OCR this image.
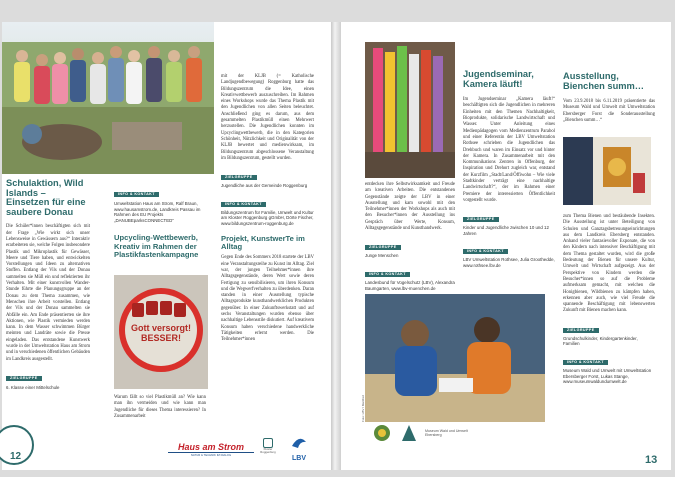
Schulaktion, Wild Islands – Einsetzen für eine saubere Donau
Die Schüler*innen beschäftigten sich mit der Frage „Wie wirkt sich unser Lebensweise in Gewässern aus?“ Interaktiv erarbeiteten sie, welche Folgen insbesondere Plastik und Mikroplastik für Gewässer, Meere und Tiere haben, und entwickelten Vorstellungen und Ideen zu alternativen Stoffen. Entlang der Vils und der Donau sammelten sie Müll ein und reflektierten ihr Verhalten. Mit einer kunstvollen Wander-Stunde führte die Planungsgruppe an der Donau zu dem Thema zusammen, wie Menschen ihre Arbeit vorstellen. Entlang der Vils und der Donau sammelten sie Abfälle ein. Am Ende präsentierten sie ihre Aktionen, wie Plastik vermieden werden kann. In dem Wasser schwimmen Bürger meinten und Landräte sowie die Presse eingeladen. Das entstandene Kunstwerk wurde in der Umweltstation Haus am Strom und in verschiedenen öffentlichen Gebäuden im Landkreis ausgestellt.
ZIELGRUPPE
6. Klasse einer Mittelschule
INFO & KONTAKT
Umweltstation Haus am Strom, Ralf Braun, www.hausamstrom.de, Landkreis Passau im Rahmen des EU Projekts „DANUBEparksCONNECTED“
Upcycling-Wettbewerb, Kreativ im Rahmen der Plastikfastenkampagne
Gott versorgt! BESSER!
Warum fällt so viel Plastikmüll an? Wie kann man ihn vermeiden und wie kann man Jugendliche für dieses Thema interessieren? In Zusammenarbeit
mit der KLJB (= Katholische Landjugendbewegung) Roggenburg hatte das Bildungszentrum die Idee, einen Kreativwettbewerb auszuschreiben. Im Rahmen eines Workshops wurde das Thema Plastik mit den Jugendlichen von allen Seiten beleuchtet. Anschließend ging es darum, aus dem gesammelten Plastikmüll einen Mehrwert herzustellen. Die Jugendlichen konnten im Upcyclingwettbewerb, die in den Kategorien Schönheit, Nützlichkeit und Originalität von der KLJB bewertet und medienwirksam, im Bildungszentrum abgeschlossene Veranstaltung im Bildungszentrum, gestellt wurden.
ZIELGRUPPE
Jugendliche aus der Gemeinde Roggenburg
INFO & KONTAKT
Bildungszentrum für Familie, Umwelt und Kultur am Kloster Roggenburg gGmbH, Dörte Fischer, www.bildungszentrum-roggenburg.de
Projekt, KunstwerTe im Alltag
Gegen Ende des Sommers 2018 startete der LBV eine Veranstaltungsreihe zu Kunst im Alltag. Ziel war, der jungen Teilnehmer*innen ihre Alltagsgegenstände, deren Wert sowie deren Fertigung zu sensibilisieren, um ihren Konsum und die Wegwerfverhalten zu überdenken. Daran standen in einer Ausstellung typische Alltagsprodukte kunsthandwerklichen Produkten gegenüber. In einer Zukunftswerkstatt und auf sechs Veranstaltungen wurden ebenso über nachhaltige Lebensstile diskutiert. Auf kreativem Konsum haben verschiedene handwerkliche Tätigkeiten erlernt werden. Die Teilnehmer*innen
Haus am Strom
NATUR & TECHNIK IM DIALOG
Kloster Roggenburg
LBV
12
entdecken ihre Selbstwirksamkeit und Freude am kreativen Arbeiten. Die entstandenen Gegenstände zeigte der LBV in einer Ausstellung und kam sowohl mit den Teilnehmer*innen der Workshops als auch mit den Besucher*innen der Ausstellung ins Gespräch über Werte, Konsum, Alltagsgegenstände und Kunsthandwerk.
ZIELGRUPPE
Junge Menschen
INFO & KONTAKT
Landesbund für Vogelschutz (LBV), Alexandra Baumgarten, www.lbv-muenchen.de
Jugendseminar, Kamera läuft!
Im Jugendseminar „Kamera läuft!“ beschäftigten sich die Jugendlichen in mehreren Einheiten mit den Themen Nachhaltigkeit, Bioprodukte, solidarische Landwirtschaft und Wasser. Unter Anleitung eines Medienpädagogen vom Medienzentrum Parabol und einer Referentin der LBV Umweltstation Rothsee schrieben die Jugendlichen das Drehbuch und waren im Einsatz vor und hinter der Kamera. In Zusammenarbeit mit den Kommunikations Zentren in Offenburg, der Inspiration und Drehort zugleich war, entstand der Kurzfilm „Stadt/Land/Öffiwohn – Wie viele Stadtkinder verträgt eine nachhaltige Landwirtschaft?“, der im Rahmen einer Premiere der interessierten Öffentlichkeit vorgestellt wurde.
ZIELGRUPPE
Kinder und Jugendliche zwischen 10 und 12 Jahren
INFO & KONTAKT
LBV Umweltstation Rothsee, Julia Groothedde, www.rothsee.lbv.de
Foto: LBV / Manfred
Ausstellung, Bienchen summ…
Vom 23.9.2018 bis 6.11.2019 präsentierte das Museum Wald und Umwelt mit Umweltstation Ebersberger Forst die Sonderausstellung „Bienchen summ…“
zum Thema Bienen und bestäubende Insekten. Die Ausstellung ist unter Beteiligung von Schulen und Ganztagsbetreuungseinrichtungen aus dem Landkreis Ebersberg entstanden. Anhand vieler fantasievoller Exponate, die von den Kindern nach intensiver Beschäftigung mit dem Thema gestaltet wurden, wird die große Bedeutung der Bienen für unsere Kultur, Umwelt und Wirtschaft aufgezeigt. Aus der Perspektive von Kindern werden die Besucher*innen so auf die Probleme aufmerksam gemacht, mit welchen die Honigbienen, Wildbienen zu kämpfen haben, erkennen aber auch, wie viel Freude die spannende Beschäftigung mit lebenswerten Zukunft mit Bienen machen kann.
ZIELGRUPPE
Grundschulkinder, Kindergartenkinder, Familien
INFO & KONTAKT
Museum Wald und Umwelt mit Umweltstation Ebersberger Forst, Lukas Stange, www.museumwaldundumwelt.de
Museum Wald und Umwelt Ebersberg
13
